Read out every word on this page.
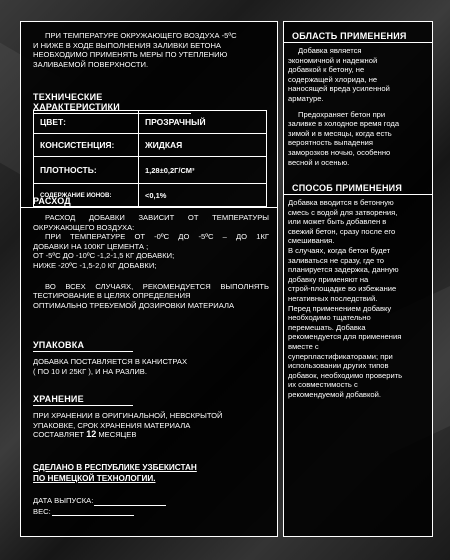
ПРИ ТЕМПЕРАТУРЕ ОКРУЖАЮЩЕГО ВОЗДУХА -5ºС
И НИЖЕ В ХОДЕ ВЫПОЛНЕНИЯ ЗАЛИВКИ БЕТОНА
НЕОБХОДИМО ПРИМЕНЯТЬ МЕРЫ ПО УТЕПЛЕНИЮ
ЗАЛИВАЕМОЙ ПОВЕРХНОСТИ.
ТЕХНИЧЕСКИЕ ХАРАКТЕРИСТИКИ
ЦВЕТ:	ПРОЗРАЧНЫЙ
КОНСИСТЕНЦИЯ:	ЖИДКАЯ
ПЛОТНОСТЬ:	1,28±0,2Г/СМ³
СОДЕРЖАНИЕ ИОНОВ:	<0,1%
РАСХОД
РАСХОД ДОБАВКИ ЗАВИСИТ ОТ ТЕМПЕРАТУРЫ
ОКРУЖАЮЩЕГО ВОЗДУХА:
ПРИ ТЕМПЕРАТУРЕ ОТ -0ºС ДО -5ºС – ДО 1КГ
ДОБАВКИ НА 100КГ ЦЕМЕНТА ;
ОТ -5ºС ДО -10ºС -1,2-1,5 КГ ДОБАВКИ;
НИЖЕ -20ºС -1,5-2,0 КГ ДОБАВКИ;
ВО ВСЕХ СЛУЧАЯХ, РЕКОМЕНДУЕТСЯ ВЫПОЛНЯТЬ
ТЕСТИРОВАНИЕ В ЦЕЛЯХ ОПРЕДЕЛЕНИЯ
ОПТИМАЛЬНО ТРЕБУЕМОЙ ДОЗИРОВКИ МАТЕРИАЛА
УПАКОВКА
ДОБАВКА ПОСТАВЛЯЕТСЯ В КАНИСТРАХ
( ПО 10 И 25КГ ), И НА РАЗЛИВ.
ХРАНЕНИЕ
ПРИ ХРАНЕНИИ В ОРИГИНАЛЬНОЙ, НЕВСКРЫТОЙ
УПАКОВКЕ, СРОК ХРАНЕНИЯ МАТЕРИАЛА
СОСТАВЛЯЕТ 12 МЕСЯЦЕВ
СДЕЛАНО В РЕСПУБЛИКЕ УЗБЕКИСТАН
ПО НЕМЕЦКОЙ ТЕХНОЛОГИИ.
ДАТА ВЫПУСКА:
ВЕС:
ОБЛАСТЬ ПРИМЕНЕНИЯ
Добавка является
экономичной и надежной
добавкой к бетону, не
содержащей хлорида, не
наносящей вреда усиленной
арматуре.
Предохраняет бетон при
заливке в холодное время года
зимой и в месяцы, когда есть
вероятность выпадения
заморозков ночью, особенно
весной и осенью.
СПОСОБ ПРИМЕНЕНИЯ
Добавка вводится в бетонную
смесь с водой для затворения,
или может быть добавлен в
свежий бетон, сразу после его
смешивания.
В случаях, когда бетон будет
заливаться не сразу, где то
планируется задержка, данную
добавку применяют на
строй-площадке во избежание
негативных последствий.
Перед применением добавку
необходимо тщательно
перемешать. Добавка
рекомендуется для применения
вместе с
суперпластификаторами; при
использовании других типов
добавок, необходимо проверить
их совместимость с
рекомендуемой добавкой.
